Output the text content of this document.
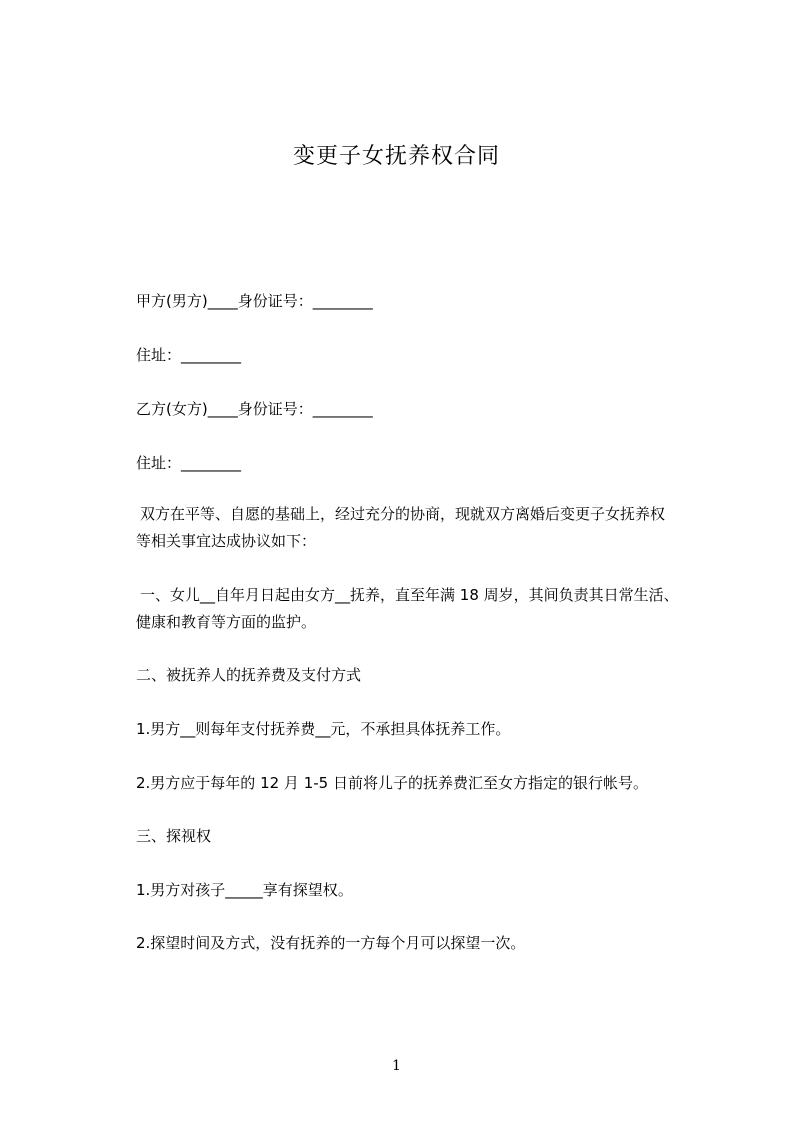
变更子女抚养权合同
甲方(男方)____身份证号：________
住址：________
乙方(女方)____身份证号：________
住址：________
双方在平等、自愿的基础上，经过充分的协商，现就双方离婚后变更子女抚养权
等相关事宜达成协议如下：
一、女儿__自年月日起由女方__抚养，直至年满 18 周岁，其间负责其日常生活、
健康和教育等方面的监护。
二、被抚养人的抚养费及支付方式
1.男方__则每年支付抚养费__元，不承担具体抚养工作。
2.男方应于每年的 12 月 1-5 日前将儿子的抚养费汇至女方指定的银行帐号。
三、探视权
1.男方对孩子_____享有探望权。
2.探望时间及方式，没有抚养的一方每个月可以探望一次。
1
